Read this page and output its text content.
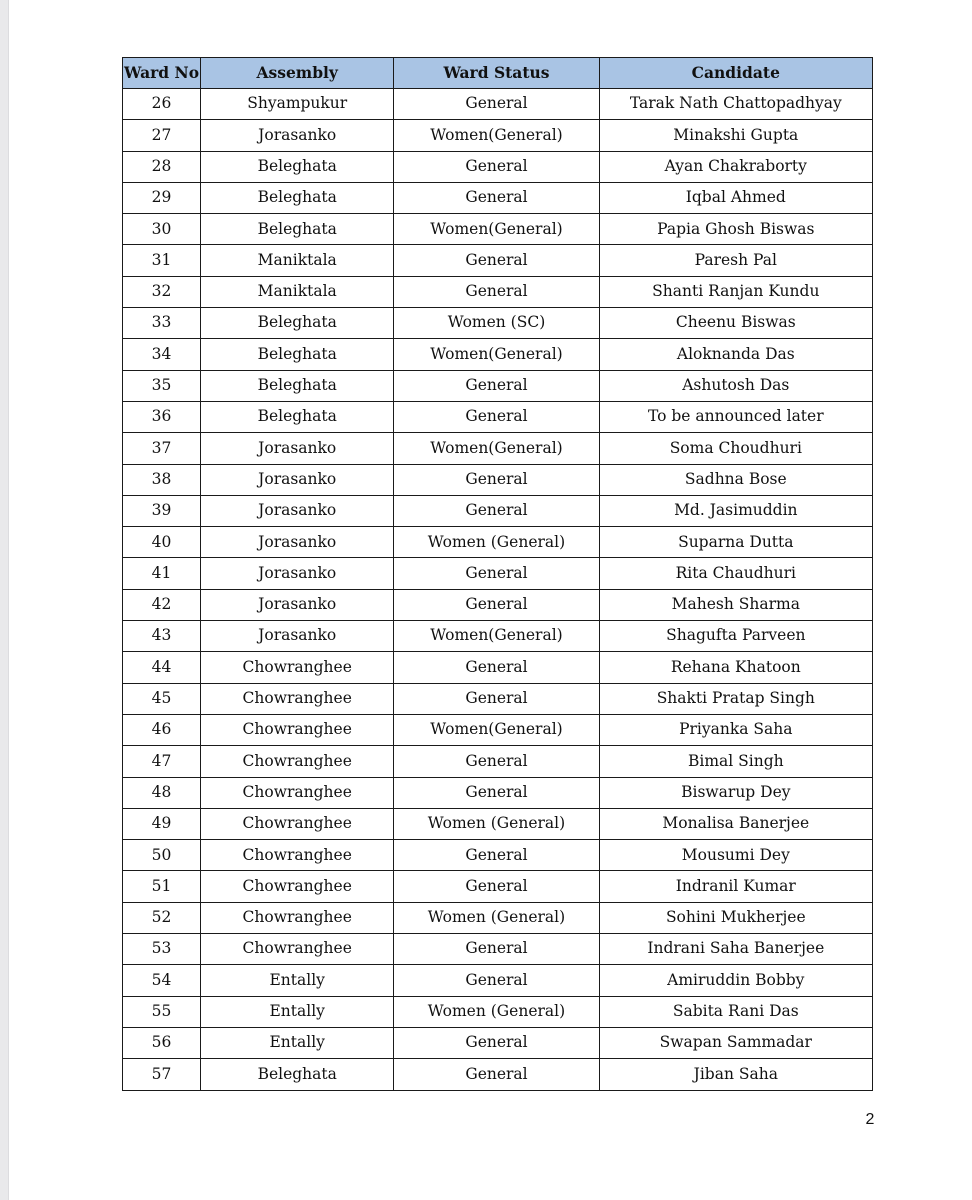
Ward No	Assembly	Ward Status	Candidate
26	Shyampukur	General	Tarak Nath Chattopadhyay
27	Jorasanko	Women(General)	Minakshi Gupta
28	Beleghata	General	Ayan Chakraborty
29	Beleghata	General	Iqbal Ahmed
30	Beleghata	Women(General)	Papia Ghosh Biswas
31	Maniktala	General	Paresh Pal
32	Maniktala	General	Shanti Ranjan Kundu
33	Beleghata	Women (SC)	Cheenu Biswas
34	Beleghata	Women(General)	Aloknanda Das
35	Beleghata	General	Ashutosh Das
36	Beleghata	General	To be announced later
37	Jorasanko	Women(General)	Soma Choudhuri
38	Jorasanko	General	Sadhna Bose
39	Jorasanko	General	Md. Jasimuddin
40	Jorasanko	Women (General)	Suparna Dutta
41	Jorasanko	General	Rita Chaudhuri
42	Jorasanko	General	Mahesh Sharma
43	Jorasanko	Women(General)	Shagufta Parveen
44	Chowranghee	General	Rehana Khatoon
45	Chowranghee	General	Shakti Pratap Singh
46	Chowranghee	Women(General)	Priyanka Saha
47	Chowranghee	General	Bimal Singh
48	Chowranghee	General	Biswarup Dey
49	Chowranghee	Women (General)	Monalisa Banerjee
50	Chowranghee	General	Mousumi Dey
51	Chowranghee	General	Indranil Kumar
52	Chowranghee	Women (General)	Sohini Mukherjee
53	Chowranghee	General	Indrani Saha Banerjee
54	Entally	General	Amiruddin Bobby
55	Entally	Women (General)	Sabita Rani Das
56	Entally	General	Swapan Sammadar
57	Beleghata	General	Jiban Saha
2
